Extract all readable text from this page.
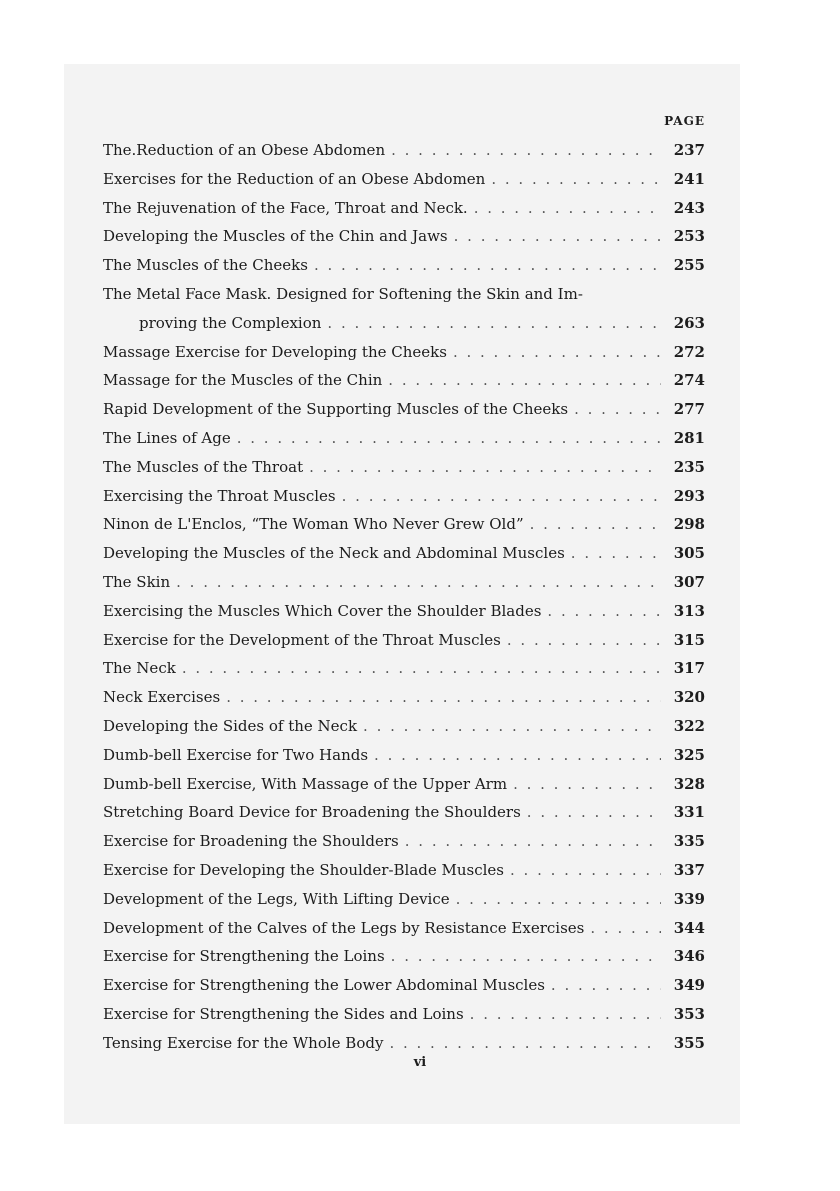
PAGE
The.Reduction of an Obese Abdomen . . .	237
Exercises for the Reduction of an Obese Abdomen . . .	241
The Rejuvenation of the Face, Throat and Neck. . . .	243
Developing the Muscles of the Chin and Jaws . . .	253
The Muscles of the Cheeks . . .	255
The Metal Face Mask. Designed for Softening the Skin and Im-
proving the Complexion . . .	263
Massage Exercise for Developing the Cheeks . . .	272
Massage for the Muscles of the Chin . . .	274
Rapid Development of the Supporting Muscles of the Cheeks . . .	277
The Lines of Age . . .	281
The Muscles of the Throat . . .	235
Exercising the Throat Muscles . . .	293
Ninon de L'Enclos, “The Woman Who Never Grew Old” . . .	298
Developing the Muscles of the Neck and Abdominal Muscles . . .	305
The Skin . . .	307
Exercising the Muscles Which Cover the Shoulder Blades . . .	313
Exercise for the Development of the Throat Muscles . . .	315
The Neck . . .	317
Neck Exercises . . .	320
Developing the Sides of the Neck . . .	322
Dumb-bell Exercise for Two Hands . . .	325
Dumb-bell Exercise, With Massage of the Upper Arm . . .	328
Stretching Board Device for Broadening the Shoulders . . .	331
Exercise for Broadening the Shoulders . . .	335
Exercise for Developing the Shoulder-Blade Muscles . . .	337
Development of the Legs, With Lifting Device . . .	339
Development of the Calves of the Legs by Resistance Exercises . . .	344
Exercise for Strengthening the Loins . . .	346
Exercise for Strengthening the Lower Abdominal Muscles . . .	349
Exercise for Strengthening the Sides and Loins . . .	353
Tensing Exercise for the Whole Body . . .	355
vi
